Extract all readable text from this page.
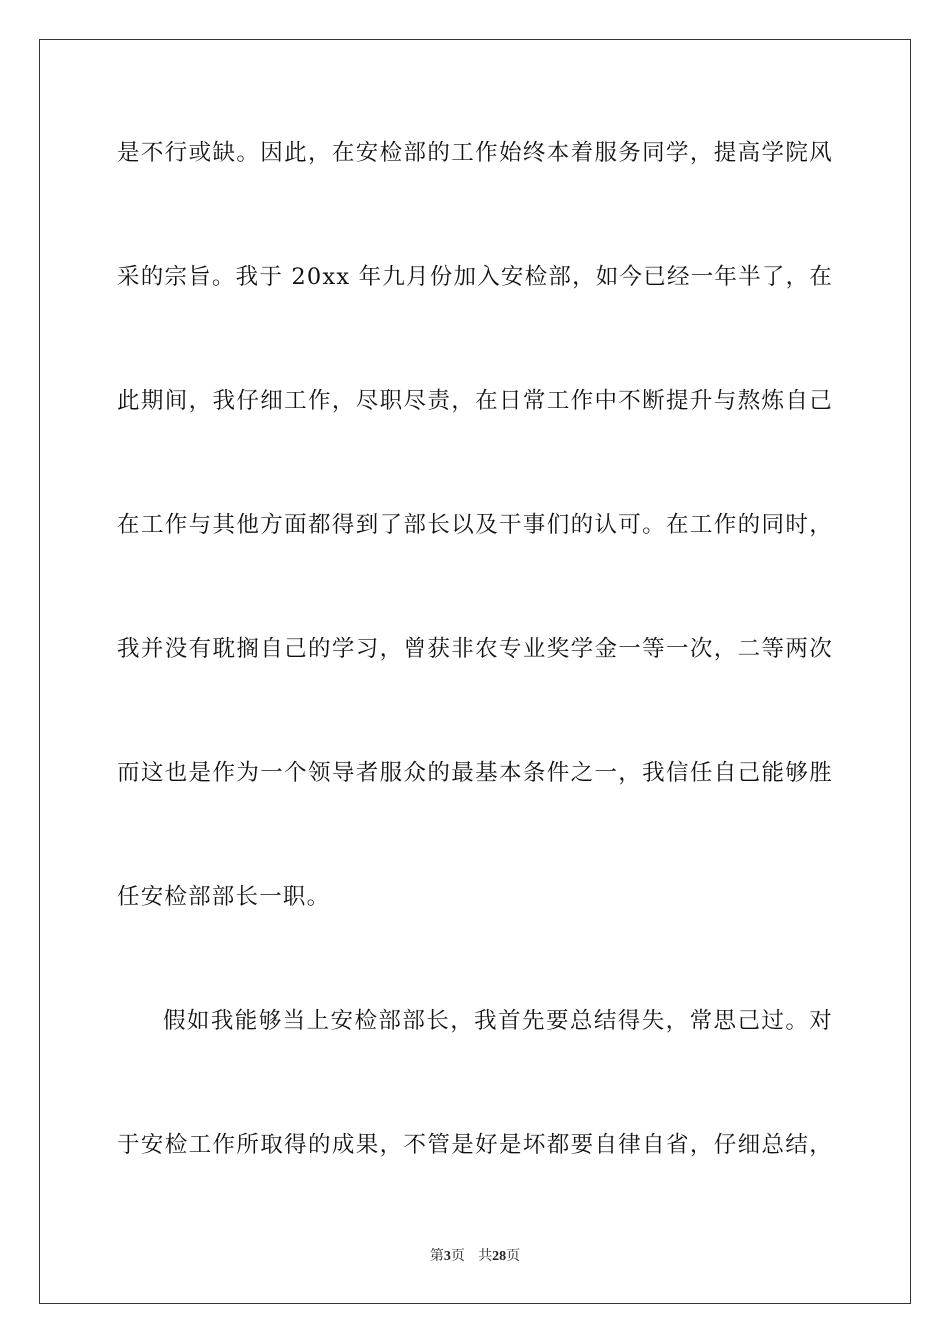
是不行或缺。因此，在安检部的工作始终本着服务同学，提高学院风
采的宗旨。我于 20xx 年九月份加入安检部，如今已经一年半了，在
此期间，我仔细工作，尽职尽责，在日常工作中不断提升与熬炼自己
在工作与其他方面都得到了部长以及干事们的认可。在工作的同时，
我并没有耽搁自己的学习，曾获非农专业奖学金一等一次，二等两次
而这也是作为一个领导者服众的最基本条件之一，我信任自己能够胜
任安检部部长一职。
假如我能够当上安检部部长，我首先要总结得失，常思己过。对
于安检工作所取得的成果，不管是好是坏都要自律自省，仔细总结，
第3页 共28页
